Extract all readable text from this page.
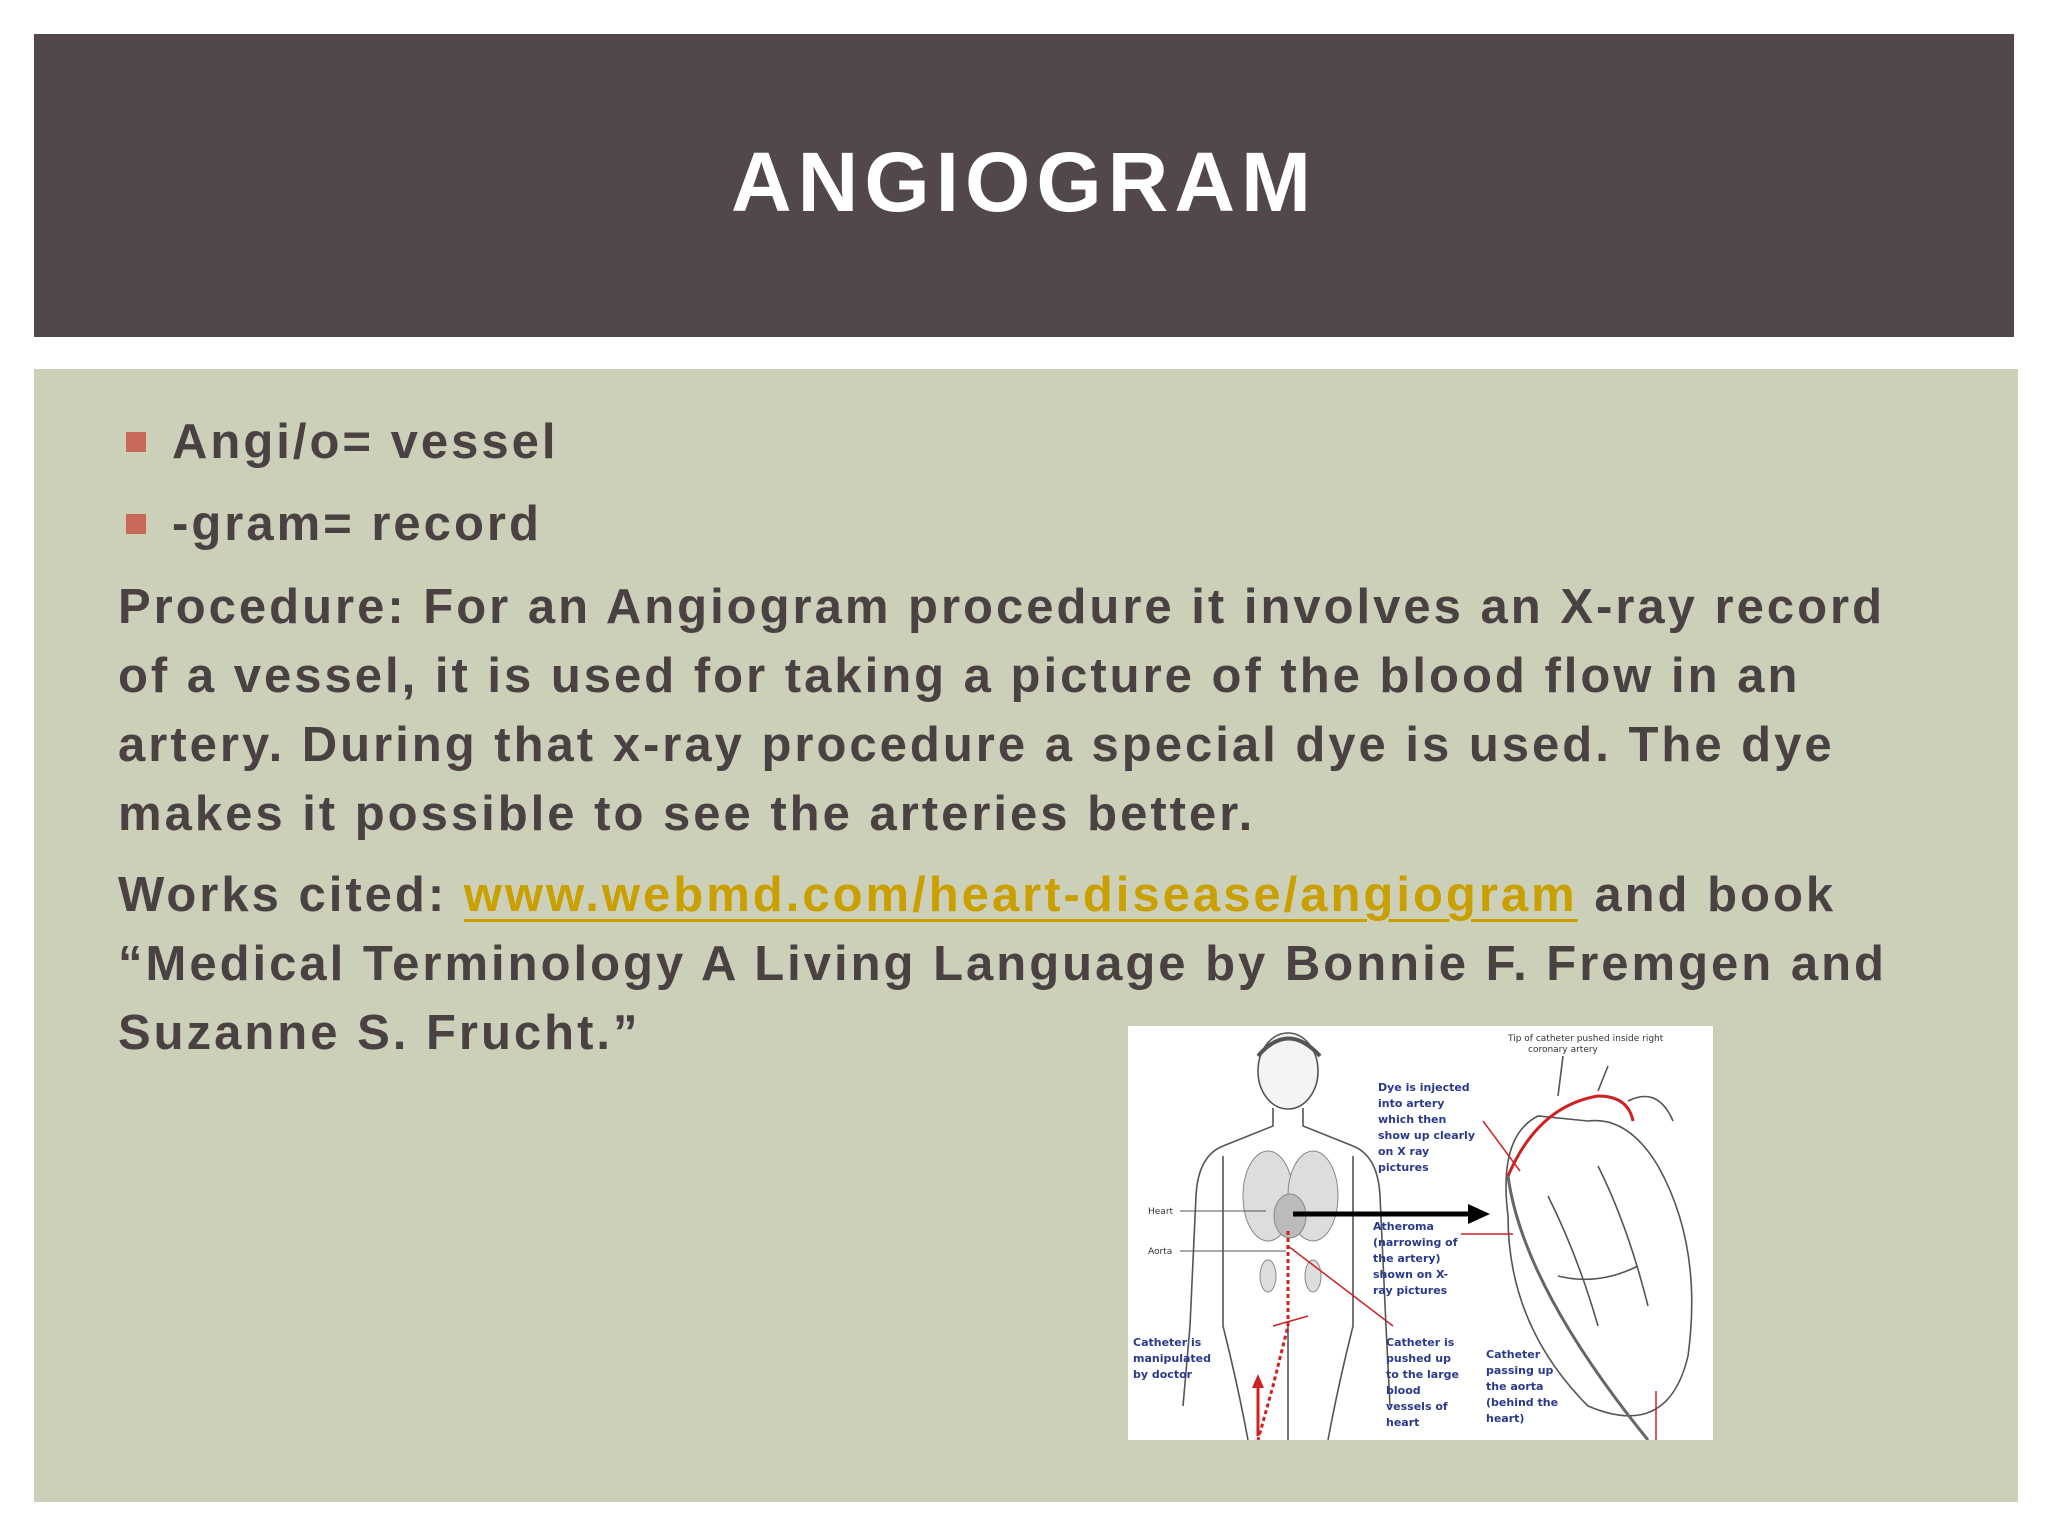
ANGIOGRAM
Angi/o= vessel
-gram= record
Procedure: For an Angiogram procedure it involves an X-ray record of a vessel, it is used for taking a picture of the blood flow in an artery. During that x-ray procedure a special dye is used. The dye makes it possible to see the arteries better.
Works cited: www.webmd.com/heart-disease/angiogram and book “Medical Terminology A Living Language by Bonnie F. Fremgen and Suzanne S. Frucht.”
Heart
Aorta
Tip of catheter pushed inside right
coronary artery
Dye is injected
into artery
which then
show up clearly
on X ray
pictures
Atheroma
(narrowing of
the artery)
shown on X-
ray pictures
Catheter is
manipulated
by doctor
Catheter is
pushed up
to the large
blood
vessels of
heart
Catheter
passing up
the aorta
(behind the
heart)
